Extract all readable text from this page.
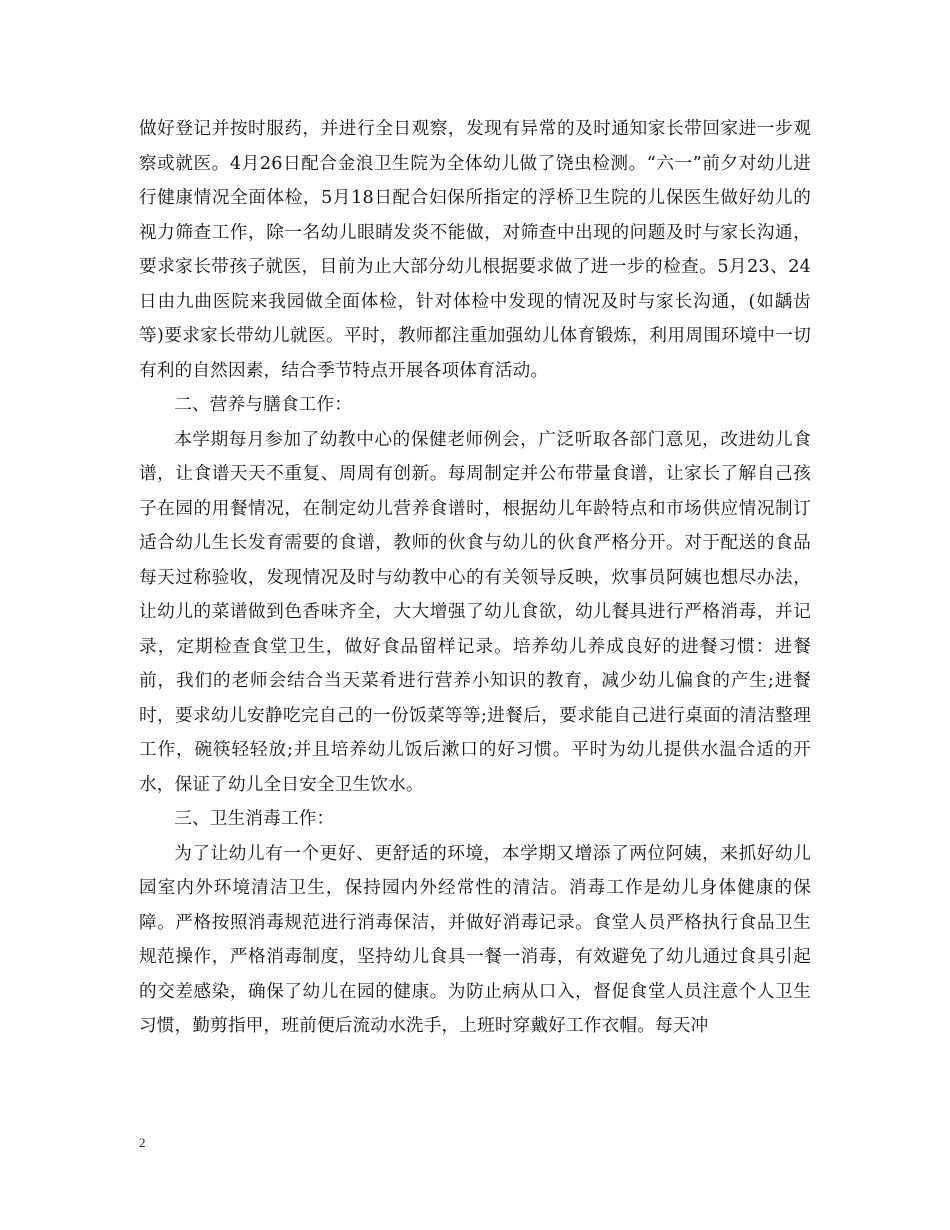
做好登记并按时服药，并进行全日观察，发现有异常的及时通知家长带回家进一步观察或就医。4月26日配合金浪卫生院为全体幼儿做了饶虫检测。“六一”前夕对幼儿进行健康情况全面体检，5月18日配合妇保所指定的浮桥卫生院的儿保医生做好幼儿的视力筛查工作，除一名幼儿眼睛发炎不能做，对筛查中出现的问题及时与家长沟通，要求家长带孩子就医，目前为止大部分幼儿根据要求做了进一步的检查。5月23、24日由九曲医院来我园做全面体检，针对体检中发现的情况及时与家长沟通，(如龋齿等)要求家长带幼儿就医。平时，教师都注重加强幼儿体育锻炼，利用周围环境中一切有利的自然因素，结合季节特点开展各项体育活动。

二、营养与膳食工作：

本学期每月参加了幼教中心的保健老师例会，广泛听取各部门意见，改进幼儿食谱，让食谱天天不重复、周周有创新。每周制定并公布带量食谱，让家长了解自己孩子在园的用餐情况，在制定幼儿营养食谱时，根据幼儿年龄特点和市场供应情况制订适合幼儿生长发育需要的食谱，教师的伙食与幼儿的伙食严格分开。对于配送的食品每天过称验收，发现情况及时与幼教中心的有关领导反映，炊事员阿姨也想尽办法，让幼儿的菜谱做到色香味齐全，大大增强了幼儿食欲，幼儿餐具进行严格消毒，并记录，定期检查食堂卫生，做好食品留样记录。培养幼儿养成良好的进餐习惯：进餐前，我们的老师会结合当天菜肴进行营养小知识的教育，减少幼儿偏食的产生;进餐时，要求幼儿安静吃完自己的一份饭菜等等;进餐后，要求能自己进行桌面的清洁整理工作，碗筷轻轻放;并且培养幼儿饭后漱口的好习惯。平时为幼儿提供水温合适的开水，保证了幼儿全日安全卫生饮水。

三、卫生消毒工作：

为了让幼儿有一个更好、更舒适的环境，本学期又增添了两位阿姨，来抓好幼儿园室内外环境清洁卫生，保持园内外经常性的清洁。消毒工作是幼儿身体健康的保障。严格按照消毒规范进行消毒保洁，并做好消毒记录。食堂人员严格执行食品卫生规范操作，严格消毒制度，坚持幼儿食具一餐一消毒，有效避免了幼儿通过食具引起的交差感染，确保了幼儿在园的健康。为防止病从口入，督促食堂人员注意个人卫生习惯，勤剪指甲，班前便后流动水洗手，上班时穿戴好工作衣帽。每天冲

2
